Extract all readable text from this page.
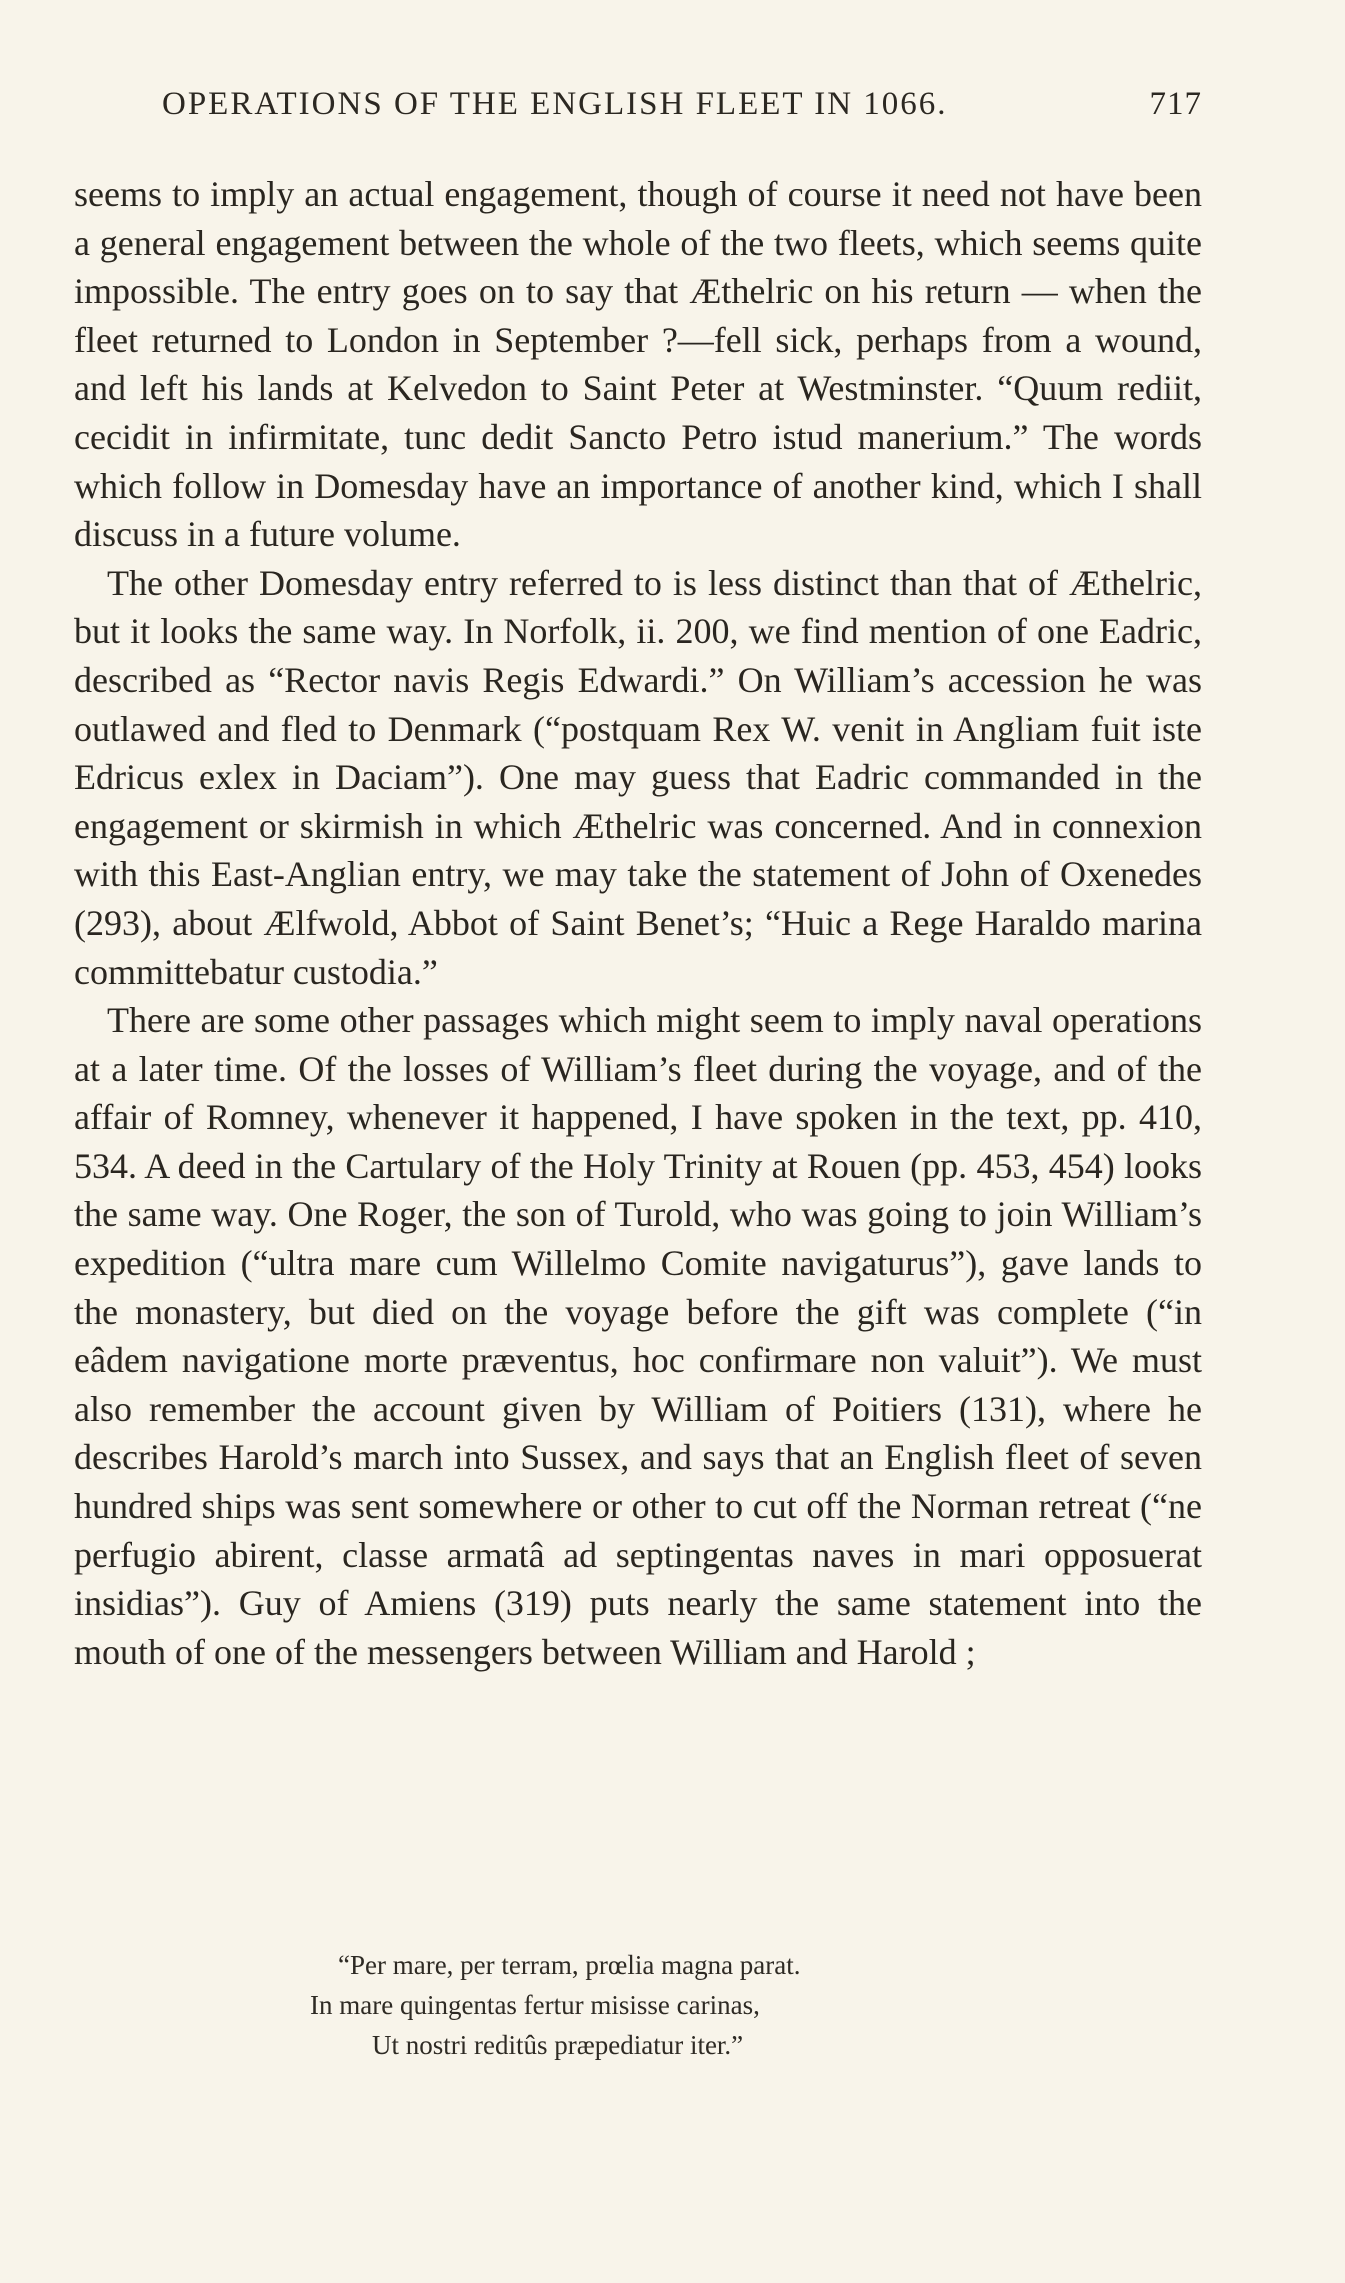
OPERATIONS OF THE ENGLISH FLEET IN 1066.	717

seems to imply an actual engagement, though of course it need not have been a general engagement between the whole of the two fleets, which seems quite impossible. The entry goes on to say that Æthelric on his return — when the fleet returned to London in September ?—fell sick, perhaps from a wound, and left his lands at Kelvedon to Saint Peter at Westminster. “Quum rediit, cecidit in infirmitate, tunc dedit Sancto Petro istud manerium.” The words which follow in Domesday have an importance of another kind, which I shall discuss in a future volume.

The other Domesday entry referred to is less distinct than that of Æthelric, but it looks the same way. In Norfolk, ii. 200, we find mention of one Eadric, described as “Rector navis Regis Edwardi.” On William’s accession he was outlawed and fled to Denmark (“postquam Rex W. venit in Angliam fuit iste Edricus exlex in Daciam”). One may guess that Eadric commanded in the engagement or skirmish in which Æthelric was concerned. And in connexion with this East-Anglian entry, we may take the statement of John of Oxenedes (293), about Ælfwold, Abbot of Saint Benet’s; “Huic a Rege Haraldo marina committebatur custodia.”

There are some other passages which might seem to imply naval operations at a later time. Of the losses of William’s fleet during the voyage, and of the affair of Romney, whenever it happened, I have spoken in the text, pp. 410, 534. A deed in the Cartulary of the Holy Trinity at Rouen (pp. 453, 454) looks the same way. One Roger, the son of Turold, who was going to join William’s expedition (“ultra mare cum Willelmo Comite navigaturus”), gave lands to the monastery, but died on the voyage before the gift was complete (“in eâdem navigatione morte præventus, hoc confirmare non valuit”). We must also remember the account given by William of Poitiers (131), where he describes Harold’s march into Sussex, and says that an English fleet of seven hundred ships was sent somewhere or other to cut off the Norman retreat (“ne perfugio abirent, classe armatâ ad septingentas naves in mari opposuerat insidias”). Guy of Amiens (319) puts nearly the same statement into the mouth of one of the messengers between William and Harold ;

“Per mare, per terram, prœlia magna parat.
In mare quingentas fertur misisse carinas,
Ut nostri reditûs præpediatur iter.”
